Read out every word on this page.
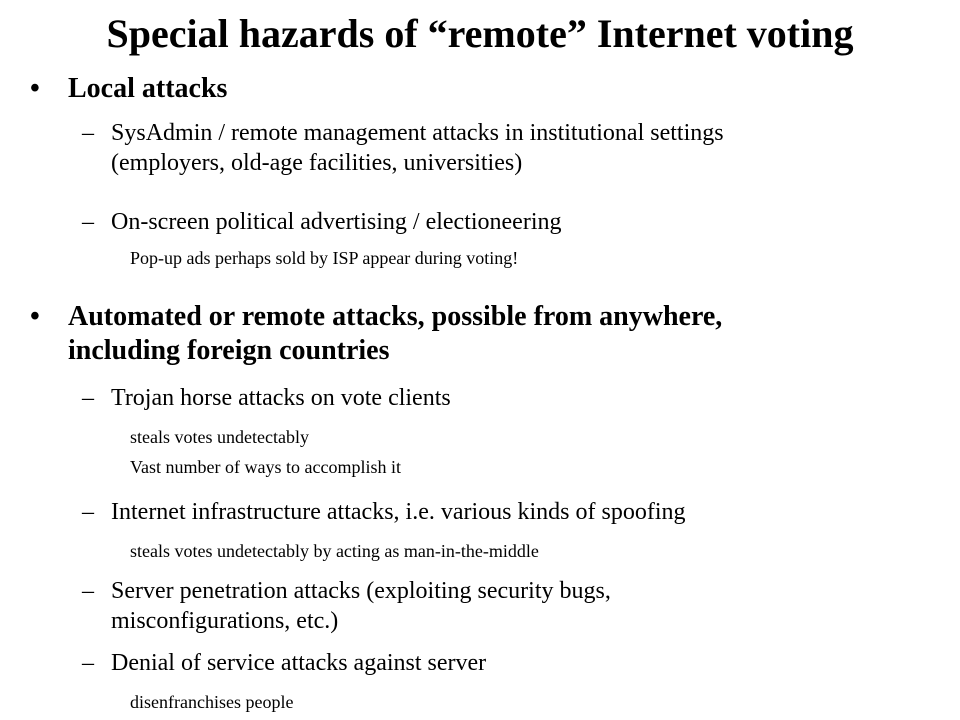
Special hazards of “remote” Internet voting
• Local attacks
– SysAdmin / remote management attacks in institutional settings
(employers, old-age facilities, universities)
– On-screen political advertising / electioneering
Pop-up ads perhaps sold by ISP appear during voting!
• Automated or remote attacks, possible from anywhere,
including foreign countries
– Trojan horse attacks on vote clients
steals votes undetectably
Vast number of ways to accomplish it
– Internet infrastructure attacks, i.e. various kinds of spoofing
steals votes undetectably by acting as man-in-the-middle
– Server penetration attacks (exploiting security bugs,
misconfigurations, etc.)
– Denial of service attacks against server
disenfranchises people
